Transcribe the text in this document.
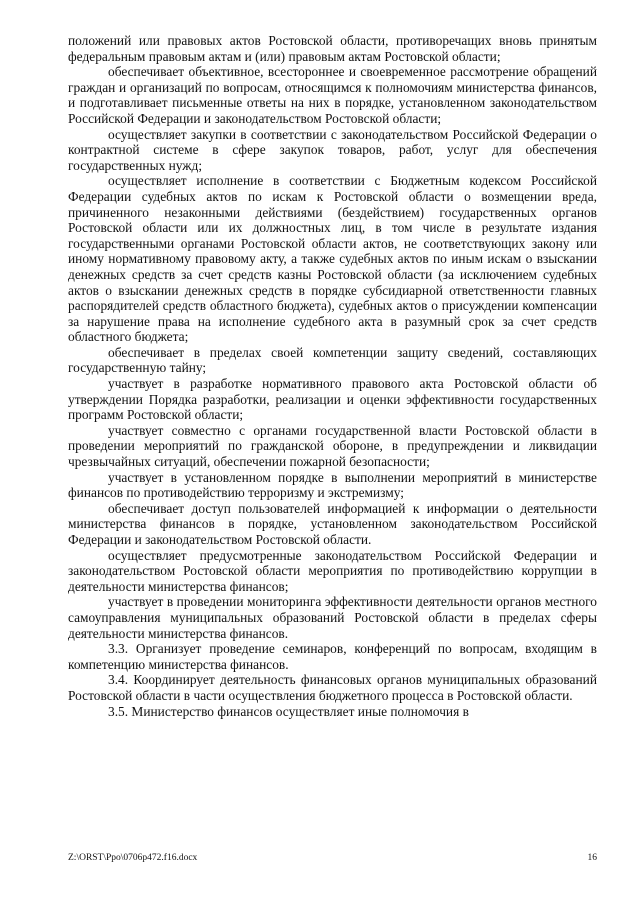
положений или правовых актов Ростовской области, противоречащих вновь принятым федеральным правовым актам и (или) правовым актам Ростовской области;

обеспечивает объективное, всестороннее и своевременное рассмотрение обращений граждан и организаций по вопросам, относящимся к полномочиям министерства финансов, и подготавливает письменные ответы на них в порядке, установленном законодательством Российской Федерации и законодательством Ростовской области;

осуществляет закупки в соответствии с законодательством Российской Федерации о контрактной системе в сфере закупок товаров, работ, услуг для обеспечения государственных нужд;

осуществляет исполнение в соответствии с Бюджетным кодексом Российской Федерации судебных актов по искам к Ростовской области о возмещении вреда, причиненного незаконными действиями (бездействием) государственных органов Ростовской области или их должностных лиц, в том числе в результате издания государственными органами Ростовской области актов, не соответствующих закону или иному нормативному правовому акту, а также судебных актов по иным искам о взыскании денежных средств за счет средств казны Ростовской области (за исключением судебных актов о взыскании денежных средств в порядке субсидиарной ответственности главных распорядителей средств областного бюджета), судебных актов о присуждении компенсации за нарушение права на исполнение судебного акта в разумный срок за счет средств областного бюджета;

обеспечивает в пределах своей компетенции защиту сведений, составляющих государственную тайну;

участвует в разработке нормативного правового акта Ростовской области об утверждении Порядка разработки, реализации и оценки эффективности государственных программ Ростовской области;

участвует совместно с органами государственной власти Ростовской области в проведении мероприятий по гражданской обороне, в предупреждении и ликвидации чрезвычайных ситуаций, обеспечении пожарной безопасности;

участвует в установленном порядке в выполнении мероприятий в министерстве финансов по противодействию терроризму и экстремизму;

обеспечивает доступ пользователей информацией к информации о деятельности министерства финансов в порядке, установленном законодательством Российской Федерации и законодательством Ростовской области.

осуществляет предусмотренные законодательством Российской Федерации и законодательством Ростовской области мероприятия по противодействию коррупции в деятельности министерства финансов;

участвует в проведении мониторинга эффективности деятельности органов местного самоуправления муниципальных образований Ростовской области в пределах сферы деятельности министерства финансов.

3.3. Организует проведение семинаров, конференций по вопросам, входящим в компетенцию министерства финансов.

3.4. Координирует деятельность финансовых органов муниципальных образований Ростовской области в части осуществления бюджетного процесса в Ростовской области.

3.5. Министерство финансов осуществляет иные полномочия в

Z:\ORST\Ppo\0706p472.f16.docx	16
